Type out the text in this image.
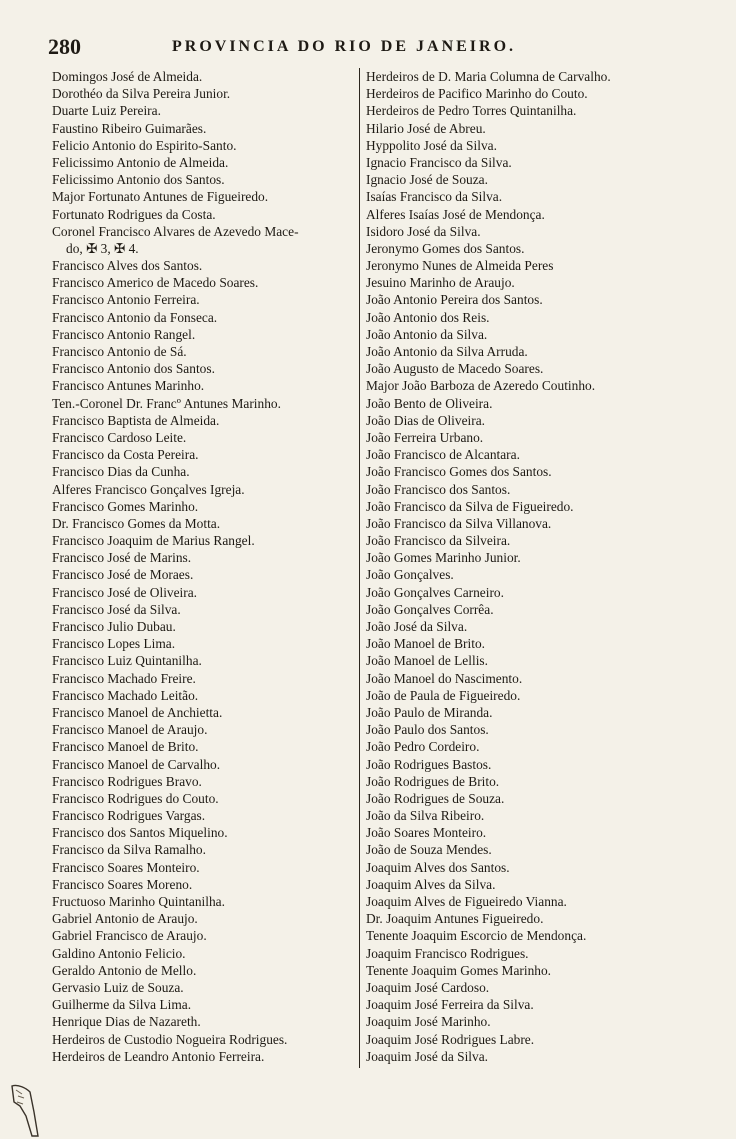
280	PROVINCIA DO RIO DE JANEIRO.
Domingos José de Almeida.
Dorothéo da Silva Pereira Junior.
Duarte Luiz Pereira.
Faustino Ribeiro Guimarães.
Felicio Antonio do Espirito-Santo.
Felicissimo Antonio de Almeida.
Felicissimo Antonio dos Santos.
Major Fortunato Antunes de Figueiredo.
Fortunato Rodrigues da Costa.
Coronel Francisco Alvares de Azevedo Mace-
do, ✠ 3, ✠ 4.
Francisco Alves dos Santos.
Francisco Americo de Macedo Soares.
Francisco Antonio Ferreira.
Francisco Antonio da Fonseca.
Francisco Antonio Rangel.
Francisco Antonio de Sá.
Francisco Antonio dos Santos.
Francisco Antunes Marinho.
Ten.-Coronel Dr. Francº Antunes Marinho.
Francisco Baptista de Almeida.
Francisco Cardoso Leite.
Francisco da Costa Pereira.
Francisco Dias da Cunha.
Alferes Francisco Gonçalves Igreja.
Francisco Gomes Marinho.
Dr. Francisco Gomes da Motta.
Francisco Joaquim de Marius Rangel.
Francisco José de Marins.
Francisco José de Moraes.
Francisco José de Oliveira.
Francisco José da Silva.
Francisco Julio Dubau.
Francisco Lopes Lima.
Francisco Luiz Quintanilha.
Francisco Machado Freire.
Francisco Machado Leitão.
Francisco Manoel de Anchietta.
Francisco Manoel de Araujo.
Francisco Manoel de Brito.
Francisco Manoel de Carvalho.
Francisco Rodrigues Bravo.
Francisco Rodrigues do Couto.
Francisco Rodrigues Vargas.
Francisco dos Santos Miquelino.
Francisco da Silva Ramalho.
Francisco Soares Monteiro.
Francisco Soares Moreno.
Fructuoso Marinho Quintanilha.
Gabriel Antonio de Araujo.
Gabriel Francisco de Araujo.
Galdino Antonio Felicio.
Geraldo Antonio de Mello.
Gervasio Luiz de Souza.
Guilherme da Silva Lima.
Henrique Dias de Nazareth.
Herdeiros de Custodio Nogueira Rodrigues.
Herdeiros de Leandro Antonio Ferreira.
Herdeiros de D. Maria Columna de Carvalho.
Herdeiros de Pacifico Marinho do Couto.
Herdeiros de Pedro Torres Quintanilha.
Hilario José de Abreu.
Hyppolito José da Silva.
Ignacio Francisco da Silva.
Ignacio José de Souza.
Isaías Francisco da Silva.
Alferes Isaías José de Mendonça.
Isidoro José da Silva.
Jeronymo Gomes dos Santos.
Jeronymo Nunes de Almeida Peres
Jesuino Marinho de Araujo.
João Antonio Pereira dos Santos.
João Antonio dos Reis.
João Antonio da Silva.
João Antonio da Silva Arruda.
João Augusto de Macedo Soares.
Major João Barboza de Azeredo Coutinho.
João Bento de Oliveira.
João Dias de Oliveira.
João Ferreira Urbano.
João Francisco de Alcantara.
João Francisco Gomes dos Santos.
João Francisco dos Santos.
João Francisco da Silva de Figueiredo.
João Francisco da Silva Villanova.
João Francisco da Silveira.
João Gomes Marinho Junior.
João Gonçalves.
João Gonçalves Carneiro.
João Gonçalves Corrêa.
João José da Silva.
João Manoel de Brito.
João Manoel de Lellis.
João Manoel do Nascimento.
João de Paula de Figueiredo.
João Paulo de Miranda.
João Paulo dos Santos.
João Pedro Cordeiro.
João Rodrigues Bastos.
João Rodrigues de Brito.
João Rodrigues de Souza.
João da Silva Ribeiro.
João Soares Monteiro.
João de Souza Mendes.
Joaquim Alves dos Santos.
Joaquim Alves da Silva.
Joaquim Alves de Figueiredo Vianna.
Dr. Joaquim Antunes Figueiredo.
Tenente Joaquim Escorcio de Mendonça.
Joaquim Francisco Rodrigues.
Tenente Joaquim Gomes Marinho.
Joaquim José Cardoso.
Joaquim José Ferreira da Silva.
Joaquim José Marinho.
Joaquim José Rodrigues Labre.
Joaquim José da Silva.
